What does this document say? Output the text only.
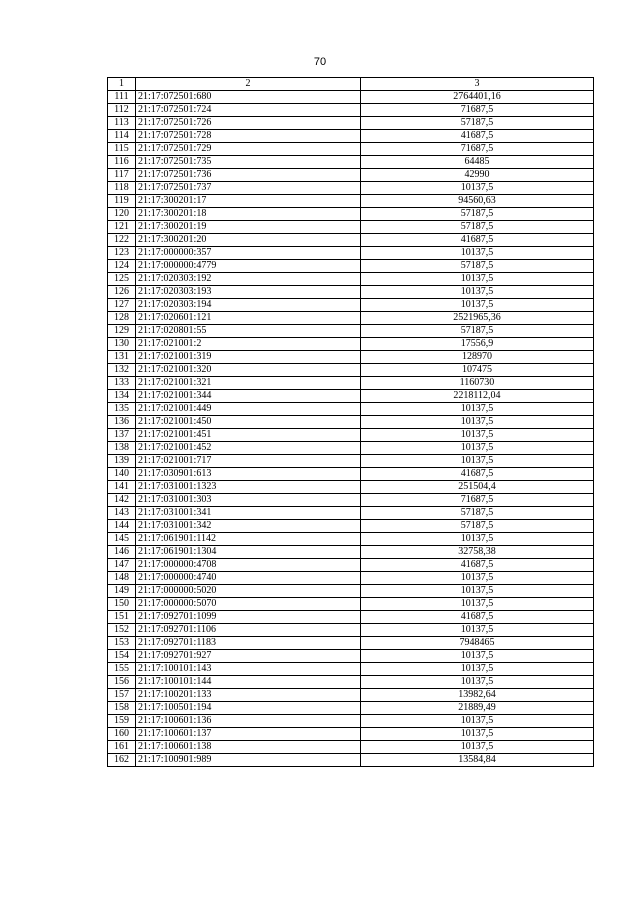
70
1	2	3
111	21:17:072501:680	2764401,16
112	21:17:072501:724	71687,5
113	21:17:072501:726	57187,5
114	21:17:072501:728	41687,5
115	21:17:072501:729	71687,5
116	21:17:072501:735	64485
117	21:17:072501:736	42990
118	21:17:072501:737	10137,5
119	21:17:300201:17	94560,63
120	21:17:300201:18	57187,5
121	21:17:300201:19	57187,5
122	21:17:300201:20	41687,5
123	21:17:000000:357	10137,5
124	21:17:000000:4779	57187,5
125	21:17:020303:192	10137,5
126	21:17:020303:193	10137,5
127	21:17:020303:194	10137,5
128	21:17:020601:121	2521965,36
129	21:17:020801:55	57187,5
130	21:17:021001:2	17556,9
131	21:17:021001:319	128970
132	21:17:021001:320	107475
133	21:17:021001:321	1160730
134	21:17:021001:344	2218112,04
135	21:17:021001:449	10137,5
136	21:17:021001:450	10137,5
137	21:17:021001:451	10137,5
138	21:17:021001:452	10137,5
139	21:17:021001:717	10137,5
140	21:17:030901:613	41687,5
141	21:17:031001:1323	251504,4
142	21:17:031001:303	71687,5
143	21:17:031001:341	57187,5
144	21:17:031001:342	57187,5
145	21:17:061901:1142	10137,5
146	21:17:061901:1304	32758,38
147	21:17:000000:4708	41687,5
148	21:17:000000:4740	10137,5
149	21:17:000000:5020	10137,5
150	21:17:000000:5070	10137,5
151	21:17:092701:1099	41687,5
152	21:17:092701:1106	10137,5
153	21:17:092701:1183	7948465
154	21:17:092701:927	10137,5
155	21:17:100101:143	10137,5
156	21:17:100101:144	10137,5
157	21:17:100201:133	13982,64
158	21:17:100501:194	21889,49
159	21:17:100601:136	10137,5
160	21:17:100601:137	10137,5
161	21:17:100601:138	10137,5
162	21:17:100901:989	13584,84
